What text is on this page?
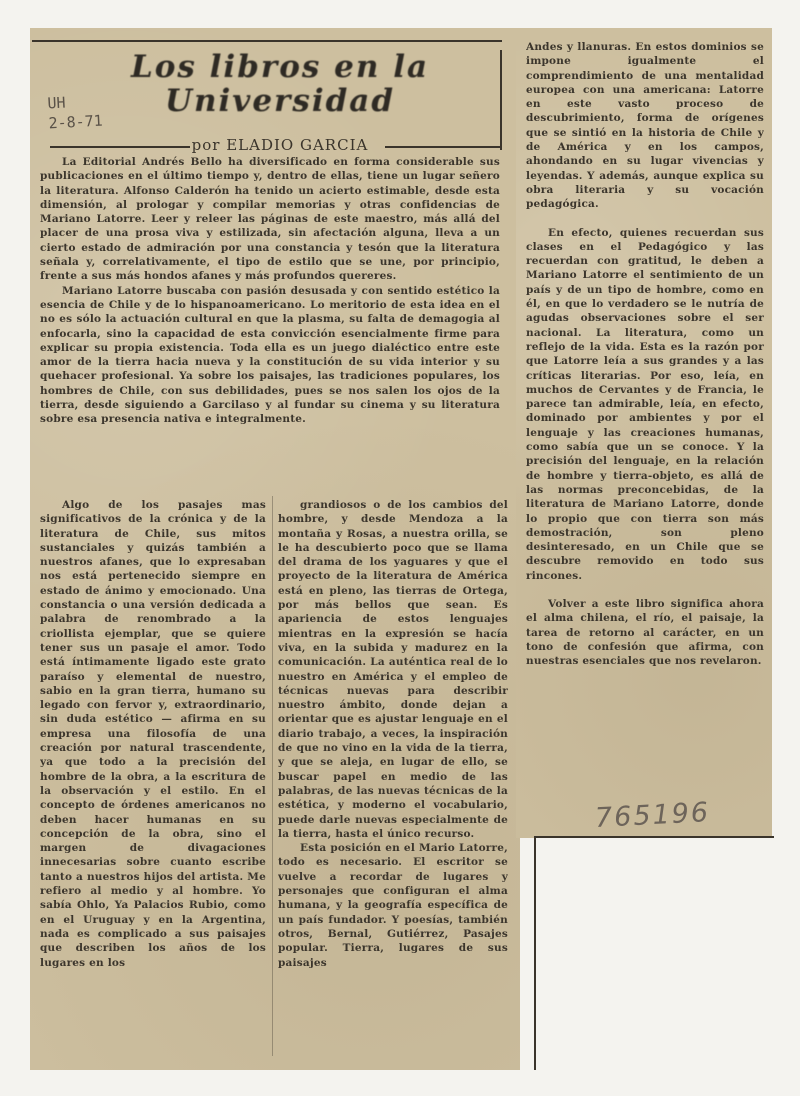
Los libros en la
Universidad
UH
2-8-71
por ELADIO GARCIA

La Editorial Andrés Bello ha diversificado en forma considerable sus publicaciones en el último tiempo y, dentro de ellas, tiene un lugar señero la literatura. Alfonso Calderón ha tenido un acierto estimable, desde esta dimensión, al prologar y compilar memorias y otras confidencias de Mariano Latorre. Leer y releer las páginas de este maestro, más allá del placer de una prosa viva y estilizada, sin afectación alguna, lleva a un cierto estado de admiración por una constancia y tesón que la literatura señala y, correlativamente, el tipo de estilo que se une, por principio, frente a sus más hondos afanes y más profundos quereres.

Mariano Latorre buscaba con pasión desusada y con sentido estético la esencia de Chile y de lo hispanoamericano. Lo meritorio de esta idea en el no es sólo la actuación cultural en que la plasma, su falta de demagogia al enfocarla, sino la capacidad de esta convicción esencialmente firme para explicar su propia existencia. Toda ella es un juego dialéctico entre este amor de la tierra hacia nueva y la constitución de su vida interior y su quehacer profesional. Ya sobre los paisajes, las tradiciones populares, los hombres de Chile, con sus debilidades, pues se nos salen los ojos de la tierra, desde siguiendo a Garcilaso y al fundar su cinema y su literatura sobre esa presencia nativa e integralmente.

Algo de los pasajes mas significativos de la crónica y de la literatura de Chile, sus mitos sustanciales y quizás también a nuestros afanes, que lo expresaban nos está pertenecido siempre en estado de ánimo y emocionado. Una constancia o una versión dedicada a palabra de renombrado a la criollista ejemplar, que se quiere tener sus un pasaje el amor. Todo está íntimamente ligado este grato paraíso y elemental de nuestro, sabio en la gran tierra, humano su legado con fervor y, extraordinario, sin duda estético — afirma en su empresa una filosofía de una creación por natural trascendente, ya que todo a la precisión del hombre de la obra, a la escritura de la observación y el estilo. En el concepto de órdenes americanos no deben hacer humanas en su concepción de la obra, sino el margen de divagaciones innecesarias sobre cuanto escribe tanto a nuestros hijos del artista. Me refiero al medio y al hombre. Yo sabía Ohlo, Ya Palacios Rubio, como en el Uruguay y en la Argentina, nada es complicado a sus paisajes que describen los años de los lugares en los

grandiosos o de los cambios del hombre, y desde Mendoza a la montaña y Rosas, a nuestra orilla, se le ha descubierto poco que se llama del drama de los yaguares y que el proyecto de la literatura de América está en pleno, las tierras de Ortega, por más bellos que sean. Es apariencia de estos lenguajes mientras en la expresión se hacía viva, en la subida y madurez en la comunicación. La auténtica real de lo nuestro en América y el empleo de técnicas nuevas para describir nuestro ámbito, donde dejan a orientar que es ajustar lenguaje en el diario trabajo, a veces, la inspiración de que no vino en la vida de la tierra, y que se aleja, en lugar de ello, se buscar papel en medio de las palabras, de las nuevas técnicas de la estética, y moderno el vocabulario, puede darle nuevas especialmente de la tierra, hasta el único recurso.

Esta posición en el Mario Latorre, todo es necesario. El escritor se vuelve a recordar de lugares y personajes que configuran el alma humana, y la geografía específica de un país fundador. Y poesías, también otros, Bernal, Gutiérrez, Pasajes popular. Tierra, lugares de sus paisajes

Andes y llanuras. En estos dominios se impone igualmente el comprendimiento de una mentalidad europea con una americana: Latorre en este vasto proceso de descubrimiento, forma de orígenes que se sintió en la historia de Chile y de América y en los campos, ahondando en su lugar vivencias y leyendas. Y además, aunque explica su obra literaria y su vocación pedagógica.

En efecto, quienes recuerdan sus clases en el Pedagógico y las recuerdan con gratitud, le deben a Mariano Latorre el sentimiento de un país y de un tipo de hombre, como en él, en que lo verdadero se le nutría de agudas observaciones sobre el ser nacional. La literatura, como un reflejo de la vida. Esta es la razón por que Latorre leía a sus grandes y a las críticas literarias. Por eso, leía, en muchos de Cervantes y de Francia, le parece tan admirable, leía, en efecto, dominado por ambientes y por el lenguaje y las creaciones humanas, como sabía que un se conoce. Y la precisión del lenguaje, en la relación de hombre y tierra-objeto, es allá de las normas preconcebidas, de la literatura de Mariano Latorre, donde lo propio que con tierra son más demostración, son pleno desinteresado, en un Chile que se descubre removido en todo sus rincones.

Volver a este libro significa ahora el alma chilena, el río, el paisaje, la tarea de retorno al carácter, en un tono de confesión que afirma, con nuestras esenciales que nos revelaron.

765196
